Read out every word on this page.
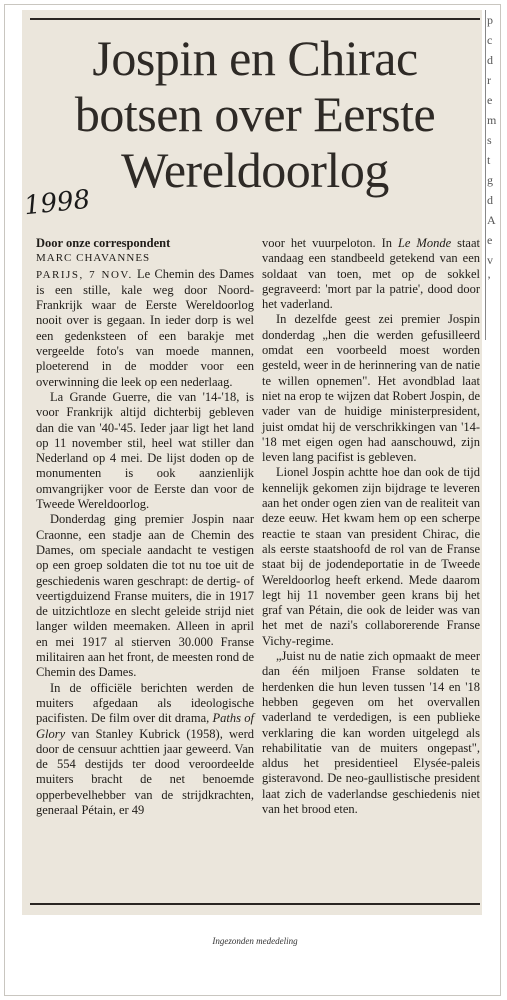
Jospin en Chirac
botsen over Eerste
Wereldoorlog
1998

Door onze correspondent

MARC CHAVANNES

PARIJS, 7 NOV. Le Chemin des Dames is een stille, kale weg door Noord-Frankrijk waar de Eerste Wereldoorlog nooit over is gegaan. In ieder dorp is wel een gedenksteen of een barakje met vergeelde foto's van moede mannen, ploeterend in de modder voor een overwinning die leek op een nederlaag.

La Grande Guerre, die van '14-'18, is voor Frankrijk altijd dichterbij gebleven dan die van '40-'45. Ieder jaar ligt het land op 11 november stil, heel wat stiller dan Nederland op 4 mei. De lijst doden op de monumenten is ook aanzienlijk omvangrijker voor de Eerste dan voor de Tweede Wereldoorlog.

Donderdag ging premier Jospin naar Craonne, een stadje aan de Chemin des Dames, om speciale aandacht te vestigen op een groep soldaten die tot nu toe uit de geschiedenis waren geschrapt: de dertig- of veertigduizend Franse muiters, die in 1917 de uitzichtloze en slecht geleide strijd niet langer wilden meemaken. Alleen in april en mei 1917 al stierven 30.000 Franse militairen aan het front, de meesten rond de Chemin des Dames.

In de officiële berichten werden de muiters afgedaan als ideologische pacifisten. De film over dit drama, Paths of Glory van Stanley Kubrick (1958), werd door de censuur achttien jaar geweerd. Van de 554 destijds ter dood veroordeelde muiters bracht de net benoemde opperbevelhebber van de strijdkrachten, generaal Pétain, er 49

voor het vuurpeloton. In Le Monde staat vandaag een standbeeld getekend van een soldaat van toen, met op de sokkel gegraveerd: 'mort par la patrie', dood door het vaderland.

In dezelfde geest zei premier Jospin donderdag „hen die werden gefusilleerd omdat een voorbeeld moest worden gesteld, weer in de herinnering van de natie te willen opnemen". Het avondblad laat niet na erop te wijzen dat Robert Jospin, de vader van de huidige ministerpresident, juist omdat hij de verschrikkingen van '14-'18 met eigen ogen had aanschouwd, zijn leven lang pacifist is gebleven.

Lionel Jospin achtte hoe dan ook de tijd kennelijk gekomen zijn bijdrage te leveren aan het onder ogen zien van de realiteit van deze eeuw. Het kwam hem op een scherpe reactie te staan van president Chirac, die als eerste staatshoofd de rol van de Franse staat bij de jodendeportatie in de Tweede Wereldoorlog heeft erkend. Mede daarom legt hij 11 november geen krans bij het graf van Pétain, die ook de leider was van het met de nazi's collaborerende Franse Vichy-regime.

„Juist nu de natie zich opmaakt de meer dan één miljoen Franse soldaten te herdenken die hun leven tussen '14 en '18 hebben gegeven om het overvallen vaderland te verdedigen, is een publieke verklaring die kan worden uitgelegd als rehabilitatie van de muiters ongepast", aldus het presidentieel Elysée-paleis gisteravond. De neo-gaullistische president laat zich de vaderlandse geschiedenis niet van het brood eten.

Ingezonden mededeling
p
c
d
r
e
m
s
t
g
d
A
e
v
’
